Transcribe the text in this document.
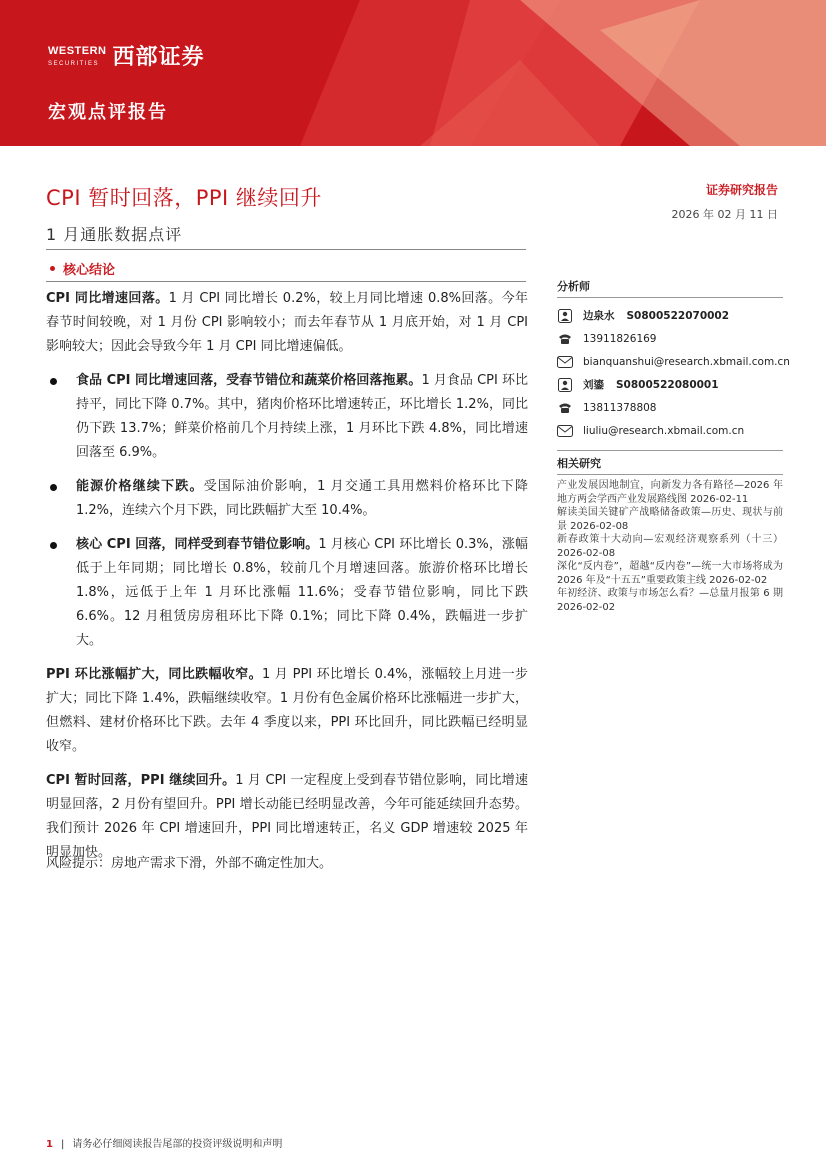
WESTERN
SECURITIES 西部证券
宏观点评报告
CPI 暂时回落，PPI 继续回升	证券研究报告
2026 年 02 月 11 日
1 月通胀数据点评
核心结论

CPI 同比增速回落。1 月 CPI 同比增长 0.2%，较上月同比增速 0.8%回落。今年春节时间较晚，对 1 月份 CPI 影响较小；而去年春节从 1 月底开始，对 1 月 CPI 影响较大；因此会导致今年 1 月 CPI 同比增速偏低。

食品 CPI 同比增速回落，受春节错位和蔬菜价格回落拖累。1 月食品 CPI 环比持平，同比下降 0.7%。其中，猪肉价格环比增速转正，环比增长 1.2%，同比仍下跌 13.7%；鲜菜价格前几个月持续上涨，1 月环比下跌 4.8%，同比增速回落至 6.9%。

能源价格继续下跌。受国际油价影响，1 月交通工具用燃料价格环比下降 1.2%，连续六个月下跌，同比跌幅扩大至 10.4%。

核心 CPI 回落，同样受到春节错位影响。1 月核心 CPI 环比增长 0.3%，涨幅低于上年同期；同比增长 0.8%，较前几个月增速回落。旅游价格环比增长 1.8%，远低于上年 1 月环比涨幅 11.6%；受春节错位影响，同比下跌 6.6%。12 月租赁房房租环比下降 0.1%；同比下降 0.4%，跌幅进一步扩大。

PPI 环比涨幅扩大，同比跌幅收窄。1 月 PPI 环比增长 0.4%，涨幅较上月进一步扩大；同比下降 1.4%，跌幅继续收窄。1 月份有色金属价格环比涨幅进一步扩大，但燃料、建材价格环比下跌。去年 4 季度以来，PPI 环比回升，同比跌幅已经明显收窄。

CPI 暂时回落，PPI 继续回升。1 月 CPI 一定程度上受到春节错位影响，同比增速明显回落，2 月份有望回升。PPI 增长动能已经明显改善，今年可能延续回升态势。我们预计 2026 年 CPI 增速回升，PPI 同比增速转正，名义 GDP 增速较 2025 年明显加快。

风险提示：房地产需求下滑，外部不确定性加大。
分析师
边泉水 S0800522070002
13911826169
bianquanshui@research.xbmail.com.cn
刘鎏 S0800522080001
13811378808
liuliu@research.xbmail.com.cn
相关研究

产业发展因地制宜，向新发力各有路径—2026 年地方两会学西产业发展路线图 2026-02-11

解读美国关键矿产战略储备政策—历史、现状与前景 2026-02-08

新春政策十大动向—宏观经济观察系列（十三） 2026-02-08

深化“反内卷”，超越“反内卷”—统一大市场将成为 2026 年及“十五五”重要政策主线 2026-02-02

年初经济、政策与市场怎么看？—总量月报第 6 期 2026-02-02

1 | 请务必仔细阅读报告尾部的投资评级说明和声明
